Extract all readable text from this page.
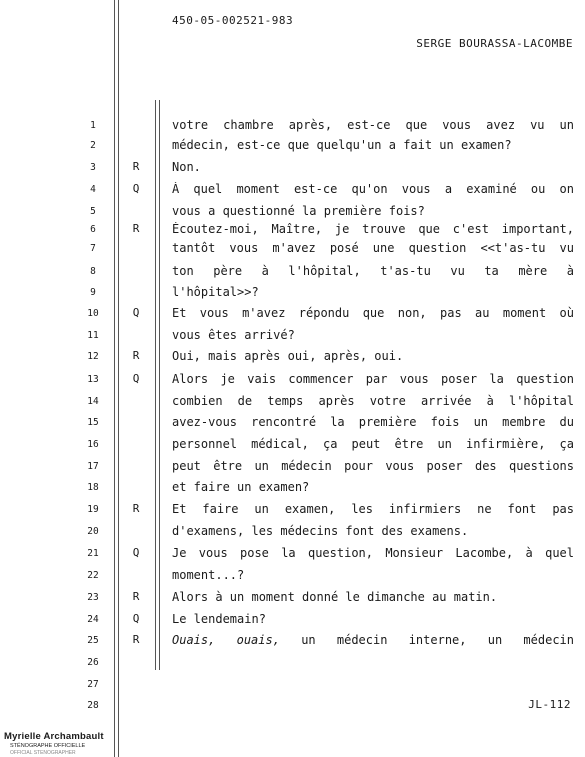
450-05-002521-983
SERGE BOURASSA-LACOMBE
1	votre chambre après, est-ce que vous avez vu un
2	médecin, est-ce que quelqu'un a fait un examen?
3	R	Non.
4	Q	À quel moment est-ce qu'on vous a examiné ou on
5	vous a questionné la première fois?
6	R	Écoutez-moi, Maître, je trouve que c'est important,
7	tantôt vous m'avez posé une question <<t'as-tu vu
8	ton père à l'hôpital, t'as-tu vu ta mère à
9	l'hôpital>>?
10	Q	Et vous m'avez répondu que non, pas au moment où
11	vous êtes arrivé?
12	R	Oui, mais après oui, après, oui.
13	Q	Alors je vais commencer par vous poser la question
14	combien de temps après votre arrivée à l'hôpital
15	avez-vous rencontré la première fois un membre du
16	personnel médical, ça peut être un infirmière, ça
17	peut être un médecin pour vous poser des questions
18	et faire un examen?
19	R	Et faire un examen, les infirmiers ne font pas
20	d'examens, les médecins font des examens.
21	Q	Je vous pose la question, Monsieur Lacombe, à quel
22	moment...?
23	R	Alors à un moment donné le dimanche au matin.
24	Q	Le lendemain?
25	R	Ouais, ouais, un médecin interne, un médecin
26
27
28	JL-112
Myrielle Archambault
STÉNOGRAPHE OFFICIELLE
OFFICIAL STENOGRAPHER
